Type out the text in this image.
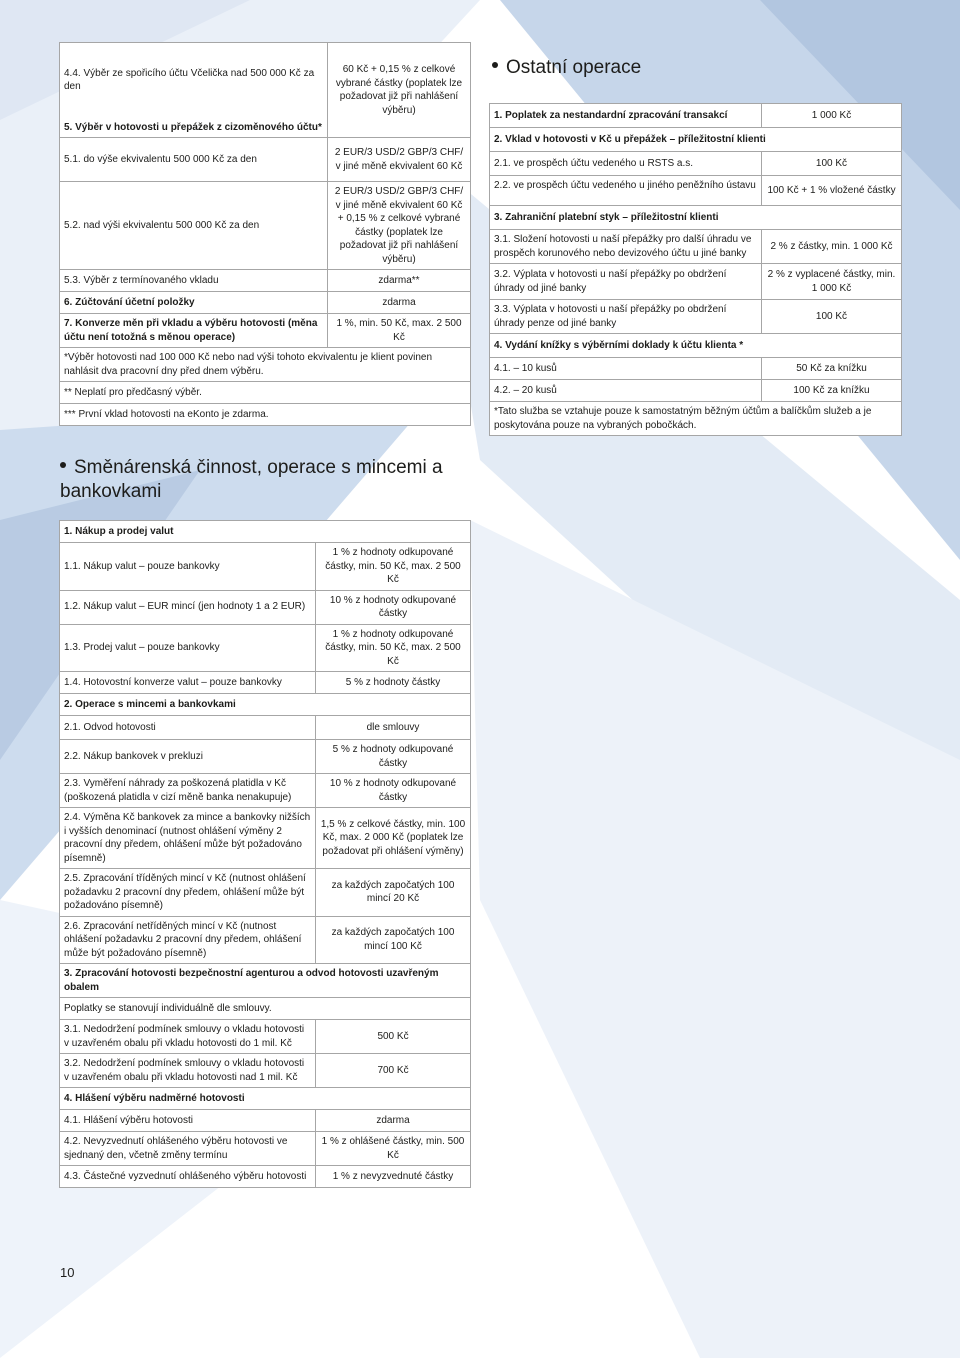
4.4. Výběr ze spořicího účtu Včelička nad 500 000 Kč za den	60 Kč + 0,15 % z celkové vybrané částky (poplatek lze požadovat již při nahlášení výběru)
5. Výběr v hotovosti u přepážek z cizoměnového účtu*	
5.1. do výše ekvivalentu 500 000 Kč za den	2 EUR/3 USD/2 GBP/3 CHF/ v jiné měně ekvivalent 60 Kč
5.2. nad výši ekvivalentu 500 000 Kč za den	2 EUR/3 USD/2 GBP/3 CHF/ v jiné měně ekvivalent 60 Kč + 0,15 % z celkové vybrané částky (poplatek lze požadovat již při nahlášení výběru)
5.3. Výběr z termínovaného vkladu	zdarma**
6. Zúčtování účetní položky	zdarma
7. Konverze měn při vkladu a výběru hotovosti (měna účtu není totožná s měnou operace)	1 %, min. 50 Kč, max. 2 500 Kč
*Výběr hotovosti nad 100 000 Kč nebo nad výši tohoto ekvivalentu je klient povinen nahlásit dva pracovní dny před dnem výběru.	
** Neplatí pro předčasný výběr.	
*** První vklad hotovosti na eKonto je zdarma.	
Směnárenská činnost, operace s mincemi a bankovkami
1. Nákup a prodej valut	
1.1. Nákup valut – pouze bankovky	1 % z hodnoty odkupované částky, min. 50 Kč, max. 2 500 Kč
1.2. Nákup valut – EUR mincí (jen hodnoty 1 a 2 EUR)	10 % z hodnoty odkupované částky
1.3. Prodej valut – pouze bankovky	1 % z hodnoty odkupované částky, min. 50 Kč, max. 2 500 Kč
1.4. Hotovostní konverze valut – pouze bankovky	5 % z hodnoty částky
2. Operace s mincemi a bankovkami	
2.1. Odvod hotovosti	dle smlouvy
2.2. Nákup bankovek v prekluzi	5 % z hodnoty odkupované částky
2.3. Vyměření náhrady za poškozená platidla v Kč (poškozená platidla v cizí měně banka nenakupuje)	10 % z hodnoty odkupované částky
2.4. Výměna Kč bankovek za mince a bankovky nižších i vyšších denominací (nutnost ohlášení výměny 2 pracovní dny předem, ohlášení může být požadováno písemně)	1,5 % z celkové částky, min. 100 Kč, max. 2 000 Kč (poplatek lze požadovat při ohlášení výměny)
2.5. Zpracování tříděných mincí v Kč (nutnost ohlášení požadavku 2 pracovní dny předem, ohlášení může být požadováno písemně)	za každých započatých 100 mincí 20 Kč
2.6. Zpracování netříděných mincí v Kč (nutnost ohlášení požadavku 2 pracovní dny předem, ohlášení může být požadováno písemně)	za každých započatých 100 mincí 100 Kč
3. Zpracování hotovosti bezpečnostní agenturou a odvod hotovosti uzavřeným obalem	
Poplatky se stanovují individuálně dle smlouvy.	
3.1. Nedodržení podmínek smlouvy o vkladu hotovosti v uzavřeném obalu při vkladu hotovosti do 1 mil. Kč	500 Kč
3.2. Nedodržení podmínek smlouvy o vkladu hotovosti v uzavřeném obalu při vkladu hotovosti nad 1 mil. Kč	700 Kč
4. Hlášení výběru nadměrné hotovosti	
4.1. Hlášení výběru hotovosti	zdarma
4.2. Nevyzvednutí ohlášeného výběru hotovosti ve sjednaný den, včetně změny termínu	1 % z ohlášené částky, min. 500 Kč
4.3. Částečné vyzvednutí ohlášeného výběru hotovosti	1 % z nevyzvednuté částky
Ostatní operace
1. Poplatek za nestandardní zpracování transakcí	1 000 Kč
2. Vklad v hotovosti v Kč u přepážek – příležitostní klienti	
2.1. ve prospěch účtu vedeného u RSTS a.s.	100 Kč
2.2. ve prospěch účtu vedeného u jiného peněžního ústavu	100 Kč + 1 % vložené částky
3. Zahraniční platební styk – příležitostní klienti	
3.1. Složení hotovosti u naší přepážky pro další úhradu ve prospěch korunového nebo devizového účtu u jiné banky	2 % z částky, min. 1 000 Kč
3.2. Výplata v hotovosti u naší přepážky po obdržení úhrady od jiné banky	2 % z vyplacené částky, min. 1 000 Kč
3.3. Výplata v hotovosti u naší přepážky po obdržení úhrady penze od jiné banky	100 Kč
4. Vydání knížky s výběrními doklady k účtu klienta *	
4.1. – 10 kusů	50 Kč za knížku
4.2. – 20 kusů	100 Kč za knížku
*Tato služba se vztahuje pouze k samostatným běžným účtům a balíčkům služeb a je poskytována pouze na vybraných pobočkách.	
10
